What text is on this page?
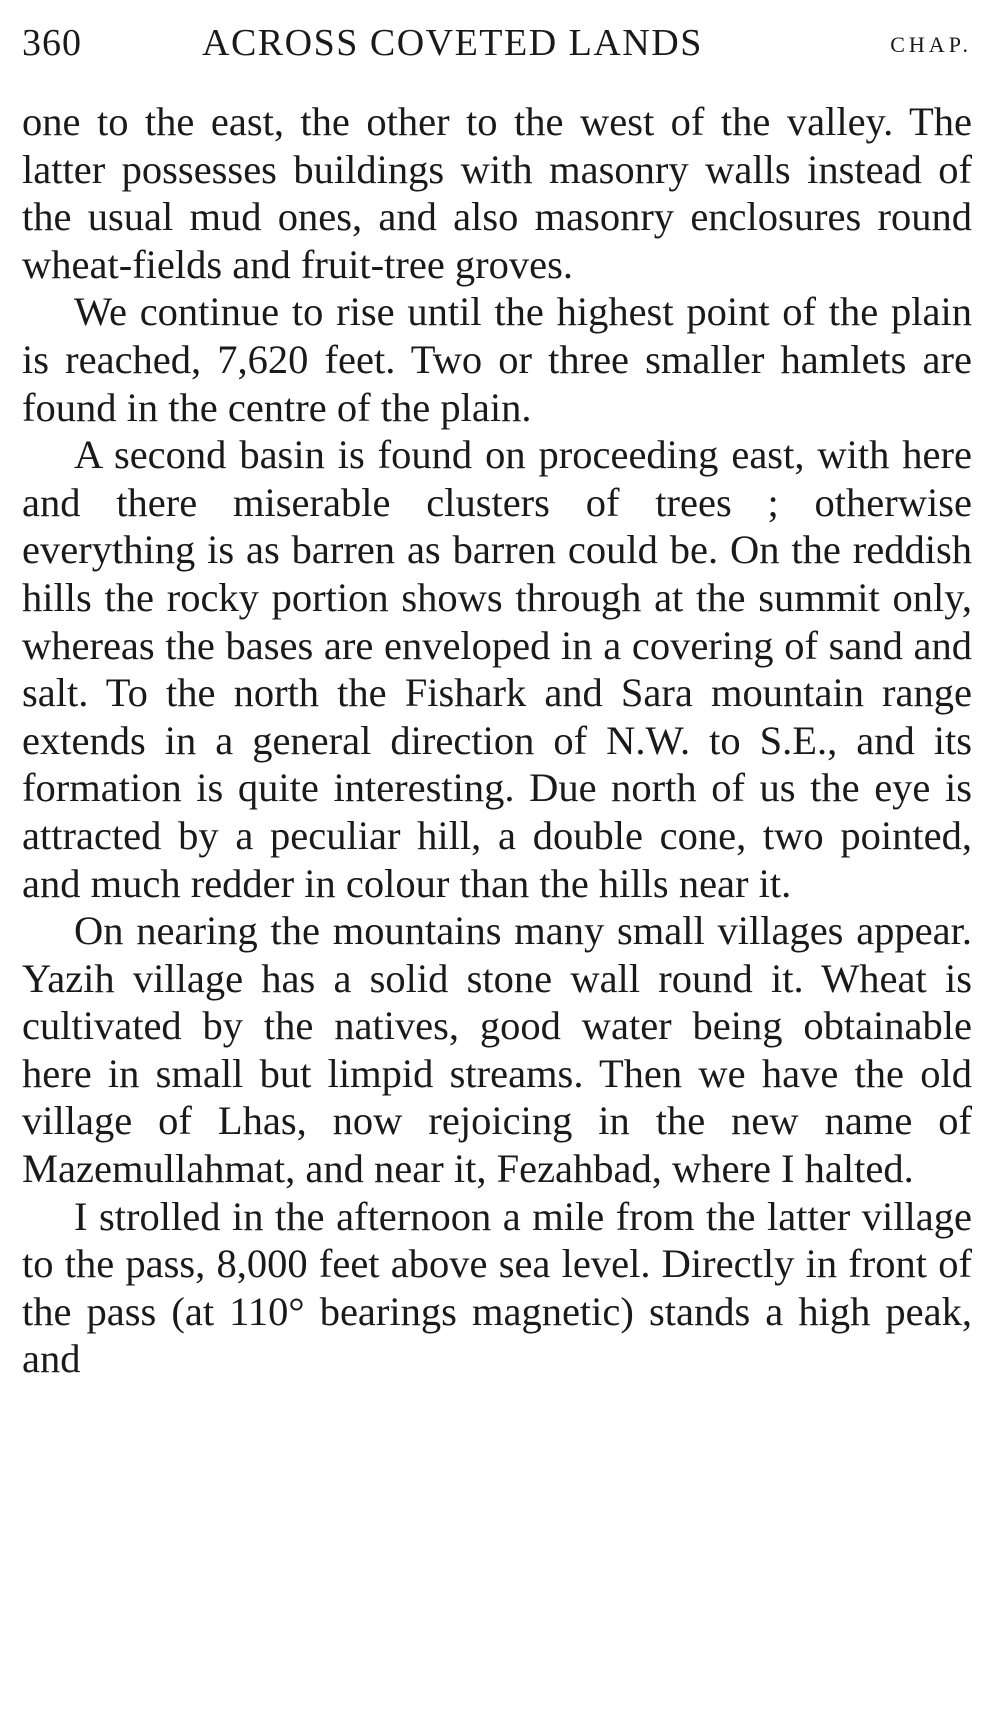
360	ACROSS COVETED LANDS	CHAP.

one to the east, the other to the west of the valley. The latter possesses buildings with masonry walls instead of the usual mud ones, and also masonry enclosures round wheat-fields and fruit-tree groves.

We continue to rise until the highest point of the plain is reached, 7,620 feet. Two or three smaller hamlets are found in the centre of the plain.

A second basin is found on proceeding east, with here and there miserable clusters of trees ; otherwise everything is as barren as barren could be. On the reddish hills the rocky portion shows through at the summit only, whereas the bases are enveloped in a covering of sand and salt. To the north the Fishark and Sara mountain range extends in a general direction of N.W. to S.E., and its formation is quite interesting. Due north of us the eye is attracted by a peculiar hill, a double cone, two pointed, and much redder in colour than the hills near it.

On nearing the mountains many small villages appear. Yazih village has a solid stone wall round it. Wheat is cultivated by the natives, good water being obtainable here in small but limpid streams. Then we have the old village of Lhas, now rejoicing in the new name of Mazemullahmat, and near it, Fezahbad, where I halted.

I strolled in the afternoon a mile from the latter village to the pass, 8,000 feet above sea level. Directly in front of the pass (at 110° bearings magnetic) stands a high peak, and
